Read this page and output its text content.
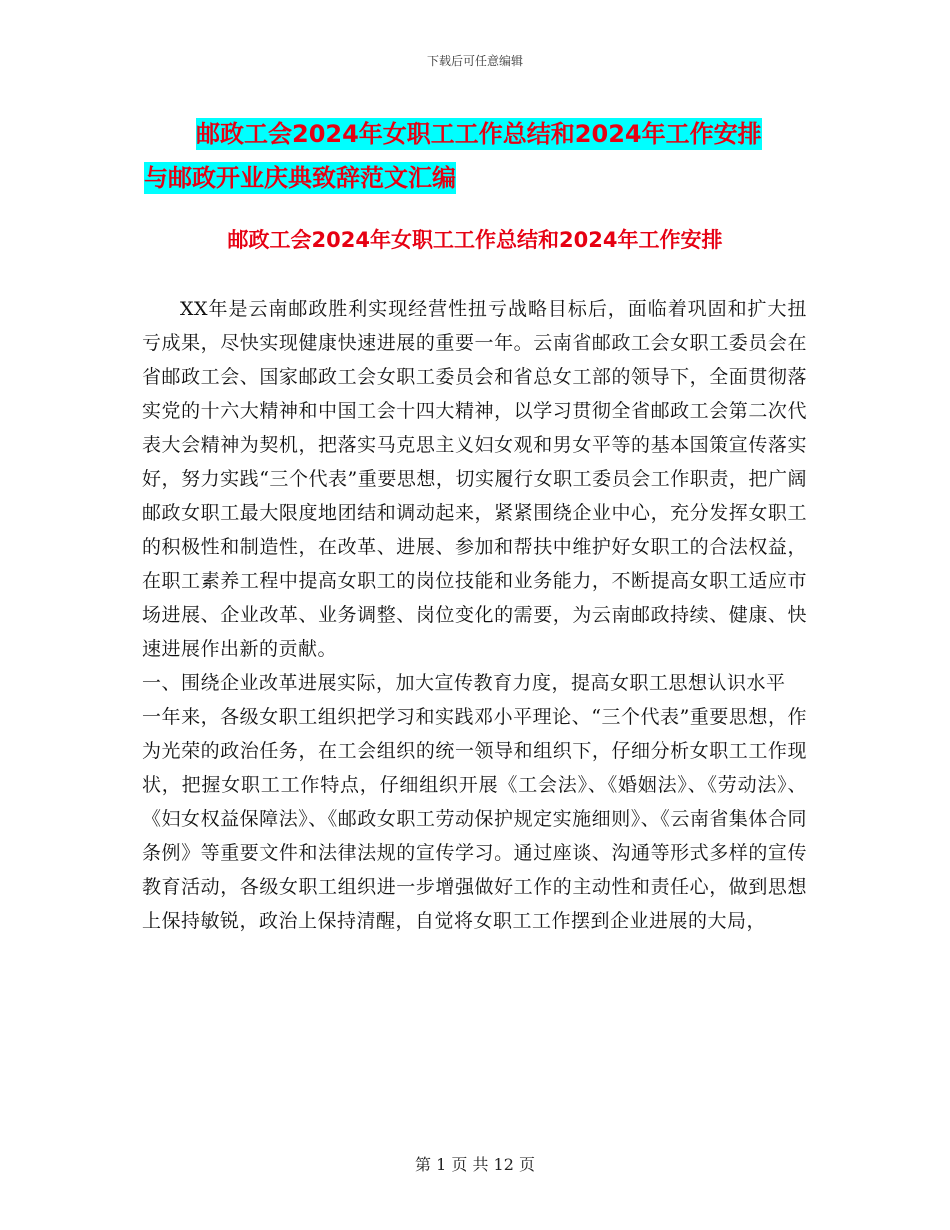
下载后可任意编辑
邮政工会2024年女职工工作总结和2024年工作安排
与邮政开业庆典致辞范文汇编
邮政工会2024年女职工工作总结和2024年工作安排

XX年是云南邮政胜利实现经营性扭亏战略目标后，面临着巩固和扩大扭亏成果，尽快实现健康快速进展的重要一年。云南省邮政工会女职工委员会在省邮政工会、国家邮政工会女职工委员会和省总女工部的领导下，全面贯彻落实党的十六大精神和中国工会十四大精神，以学习贯彻全省邮政工会第二次代表大会精神为契机，把落实马克思主义妇女观和男女平等的基本国策宣传落实好，努力实践“三个代表”重要思想，切实履行女职工委员会工作职责，把广阔邮政女职工最大限度地团结和调动起来，紧紧围绕企业中心，充分发挥女职工的积极性和制造性，在改革、进展、参加和帮扶中维护好女职工的合法权益，在职工素养工程中提高女职工的岗位技能和业务能力，不断提高女职工适应市场进展、企业改革、业务调整、岗位变化的需要，为云南邮政持续、健康、快速进展作出新的贡献。

一、围绕企业改革进展实际，加大宣传教育力度，提高女职工思想认识水平

一年来，各级女职工组织把学习和实践邓小平理论、“三个代表”重要思想，作为光荣的政治任务，在工会组织的统一领导和组织下，仔细分析女职工工作现状，把握女职工工作特点，仔细组织开展《工会法》、《婚姻法》、《劳动法》、《妇女权益保障法》、《邮政女职工劳动保护规定实施细则》、《云南省集体合同条例》等重要文件和法律法规的宣传学习。通过座谈、沟通等形式多样的宣传教育活动，各级女职工组织进一步增强做好工作的主动性和责任心，做到思想上保持敏锐，政治上保持清醒，自觉将女职工工作摆到企业进展的大局，

第 1 页 共 12 页
